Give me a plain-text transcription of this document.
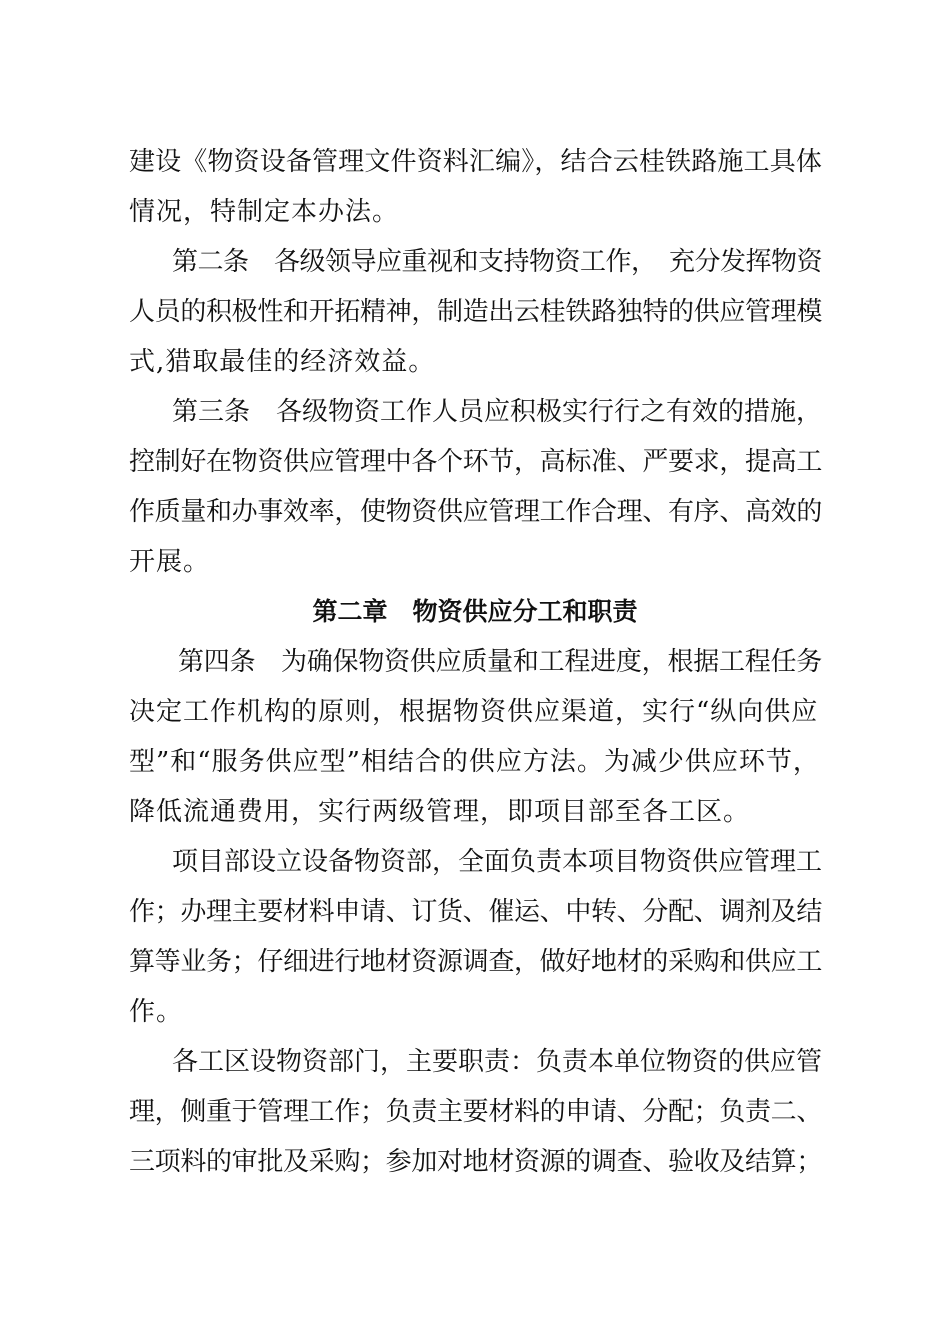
建设《物资设备管理文件资料汇编》，结合云桂铁路施工具体
情况，特制定本办法。
第二条　各级领导应重视和支持物资工作，　充分发挥物资
人员的积极性和开拓精神，制造出云桂铁路独特的供应管理模
式,猎取最佳的经济效益。
第三条　各级物资工作人员应积极实行行之有效的措施，
控制好在物资供应管理中各个环节，高标准、严要求，提高工
作质量和办事效率，使物资供应管理工作合理、有序、高效的
开展。
第二章　物资供应分工和职责
第四条　为确保物资供应质量和工程进度，根据工程任务
决定工作机构的原则，根据物资供应渠道，实行“纵向供应
型”和“服务供应型”相结合的供应方法。为减少供应环节，
降低流通费用，实行两级管理，即项目部至各工区。
项目部设立设备物资部，全面负责本项目物资供应管理工
作；办理主要材料申请、订货、催运、中转、分配、调剂及结
算等业务；仔细进行地材资源调查，做好地材的采购和供应工
作。
各工区设物资部门，主要职责：负责本单位物资的供应管
理，侧重于管理工作；负责主要材料的申请、分配；负责二、
三项料的审批及采购；参加对地材资源的调查、验收及结算；
